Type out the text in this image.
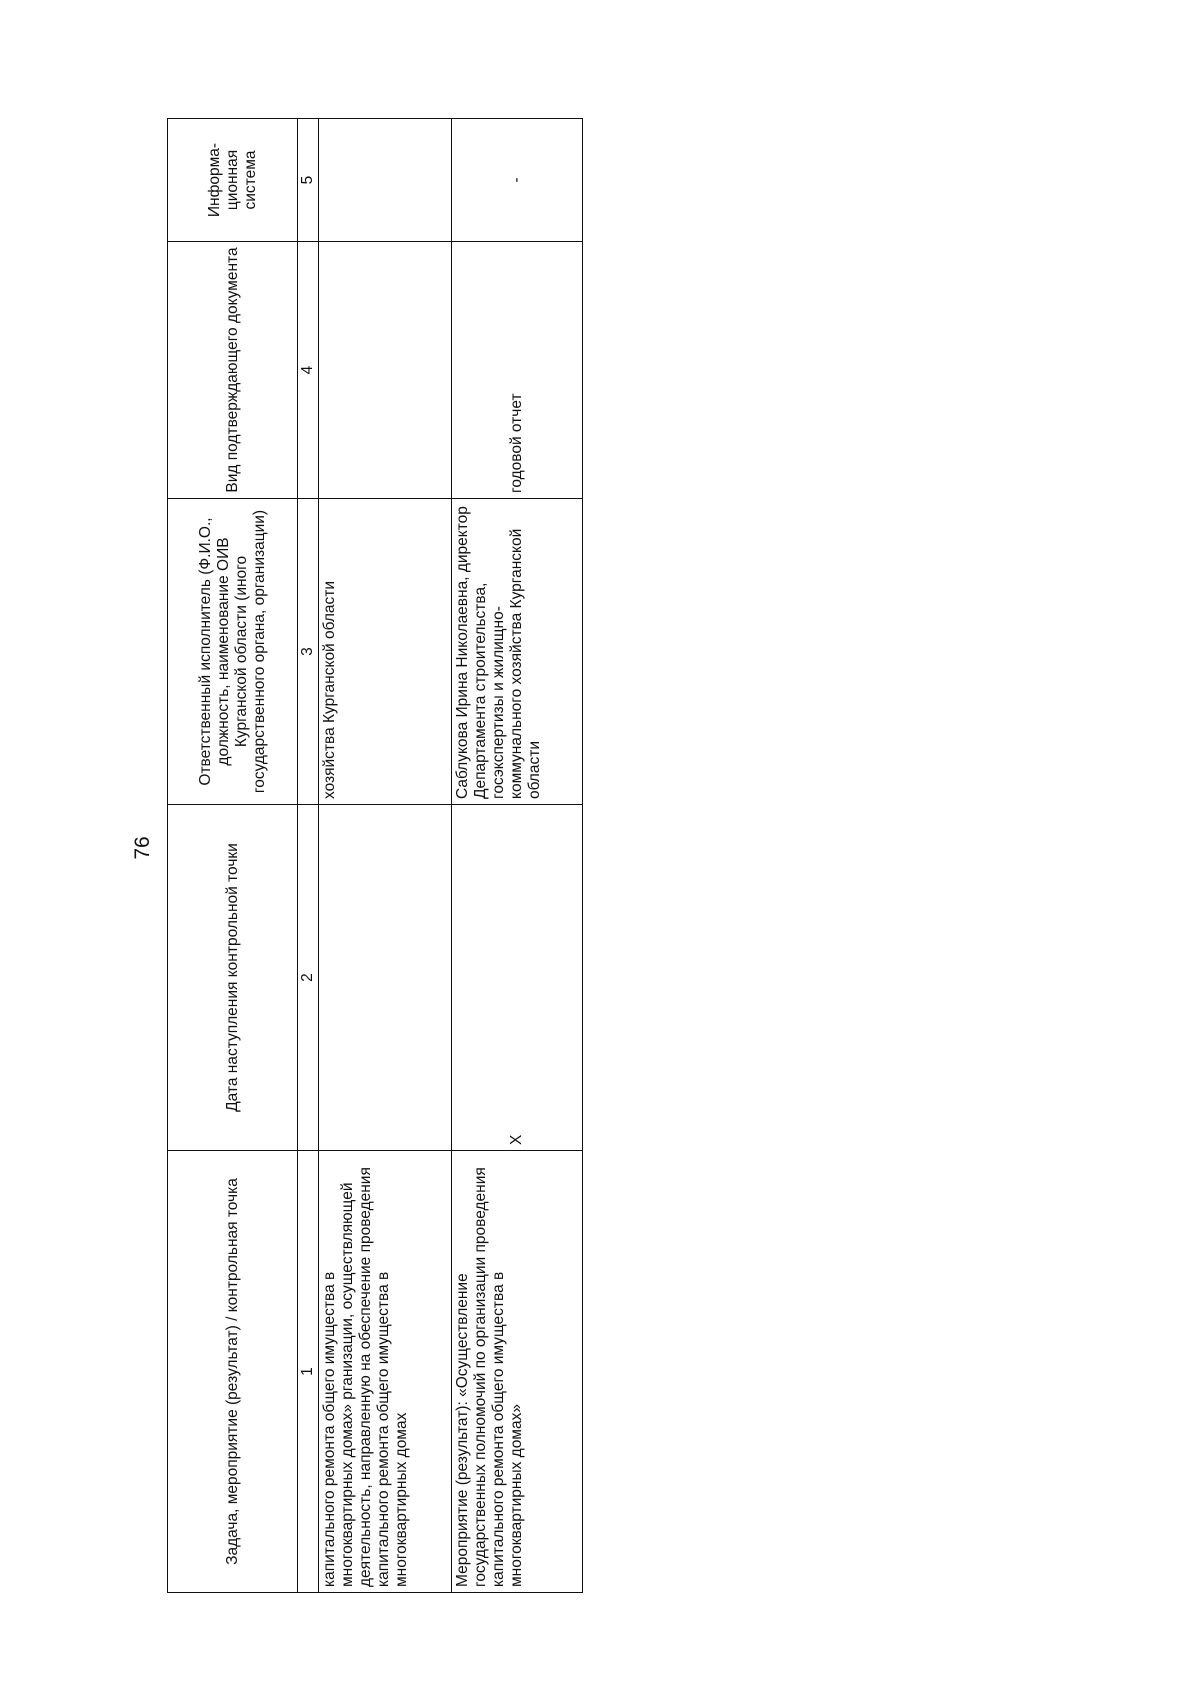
76
Задача, мероприятие (результат) / контрольная точка	Дата наступления контрольной точки	Ответственный исполнитель (Ф.И.О., должность, наименование ОИВ Курганской области (иного государственного органа, организации)	Вид подтверждающего документа	Информа-ционная система
1	2	3	4	5
капитального ремонта общего имущества в многоквартирных домах» рганизации, осуществляющей деятельность, направленную на обеспечение проведения капитального ремонта общего имущества в многоквартирных домах		хозяйства Курганской области		
Мероприятие (результат): «Осуществление государственных полномочий по организации проведения капитального ремонта общего имущества в многоквартирных домах»	Х	Саблукова Ирина Николаевна, директор Департамента строительства, госэкспертизы и жилищно-коммунального хозяйства Курганской области	годовой отчет	-
